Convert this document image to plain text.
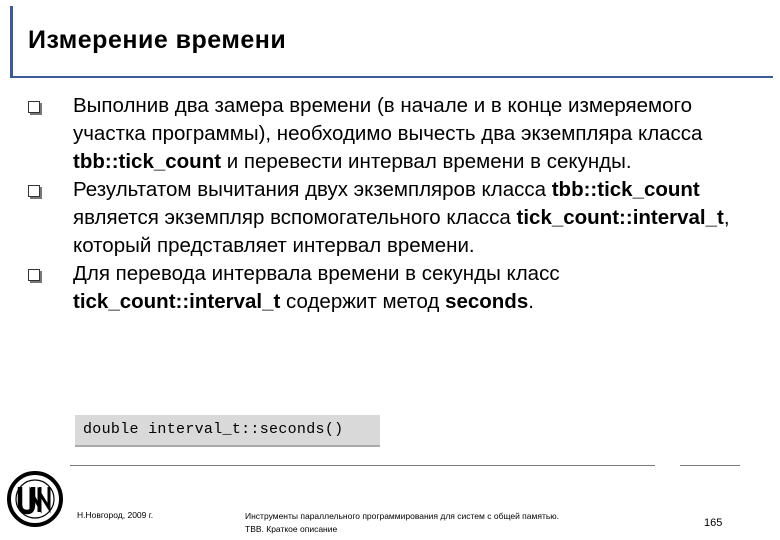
Измерение времени
Выполнив два замера времени (в начале и в конце измеряемого участка программы), необходимо вычесть два экземпляра класса tbb::tick_count и перевести интервал времени в секунды.
Результатом вычитания двух экземпляров класса tbb::tick_count является экземпляр вспомогательного класса tick_count::interval_t, который представляет интервал времени.
Для перевода интервала времени в секунды класс tick_count::interval_t содержит метод seconds.
double interval_t::seconds()
Н.Новгород, 2009 г.	Инструменты параллельного программирования для систем с общей памятью.
TBB. Краткое описание	165
